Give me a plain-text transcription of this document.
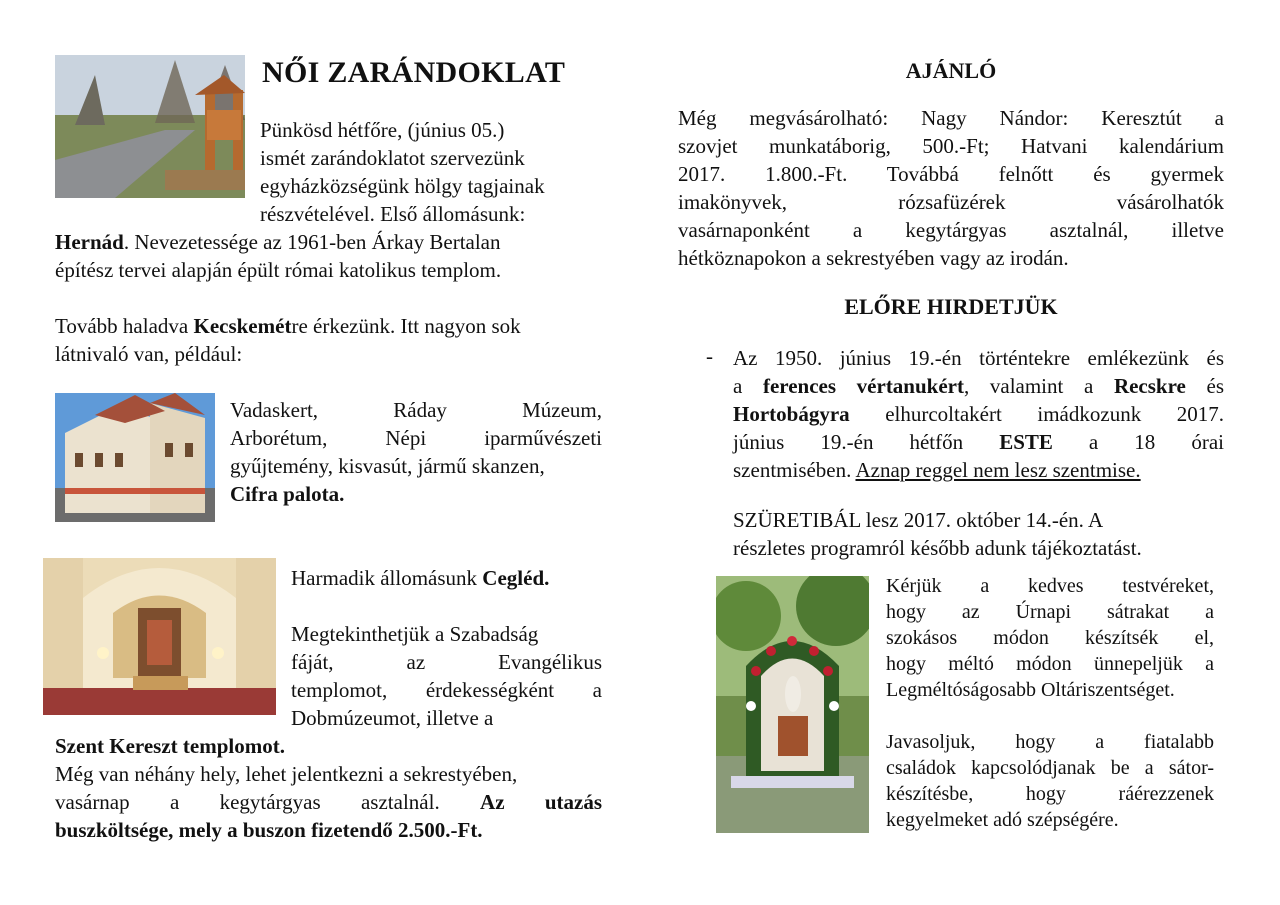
NŐI ZARÁNDOKLAT
Pünkösd hétfőre, (június 05.)
ismét zarándoklatot szervezünk
egyházközségünk hölgy tagjainak
részvételével. Első állomásunk:
Hernád. Nevezetessége az 1961-ben Árkay Bertalan
építész tervei alapján épült római katolikus templom.
Tovább haladva Kecskemétre érkezünk. Itt nagyon sok
látnivaló van, például:
Vadaskert, Ráday Múzeum,
Arborétum, Népi iparművészeti
gyűjtemény, kisvasút, jármű skanzen,
Cifra palota.
Harmadik állomásunk Cegléd.
Megtekinthetjük a Szabadság
fáját, az Evangélikus
templomot, érdekességként a
Dobmúzeumot, illetve a
Szent Kereszt templomot.
Még van néhány hely, lehet jelentkezni a sekrestyében,
vasárnap a kegytárgyas asztalnál. Az utazás
buszköltsége, mely a buszon fizetendő 2.500.-Ft.
AJÁNLÓ
Még megvásárolható: Nagy Nándor: Keresztút a
szovjet munkatáborig, 500.-Ft; Hatvani kalendárium
2017. 1.800.-Ft. Továbbá felnőtt és gyermek
imakönyvek, rózsafüzérek vásárolhatók
vasárnaponként a kegytárgyas asztalnál, illetve
hétköznapokon a sekrestyében vagy az irodán.
ELŐRE HIRDETJÜK
- Az 1950. június 19.-én történtekre emlékezünk és
a ferences vértanukért, valamint a Recskre és
Hortobágyra elhurcoltakért imádkozunk 2017.
június 19.-én hétfőn ESTE a 18 órai
szentmisében. Aznap reggel nem lesz szentmise.
SZÜRETIBÁL lesz 2017. október 14.-én. A
részletes programról később adunk tájékoztatást.
Kérjük a kedves testvéreket,
hogy az Úrnapi sátrakat a
szokásos módon készítsék el,
hogy méltó módon ünnepeljük a
Legméltóságosabb Oltáriszentséget.
Javasoljuk, hogy a fiatalabb
családok kapcsolódjanak be a sátor-
készítésbe, hogy ráérezzenek
kegyelmeket adó szépségére.
